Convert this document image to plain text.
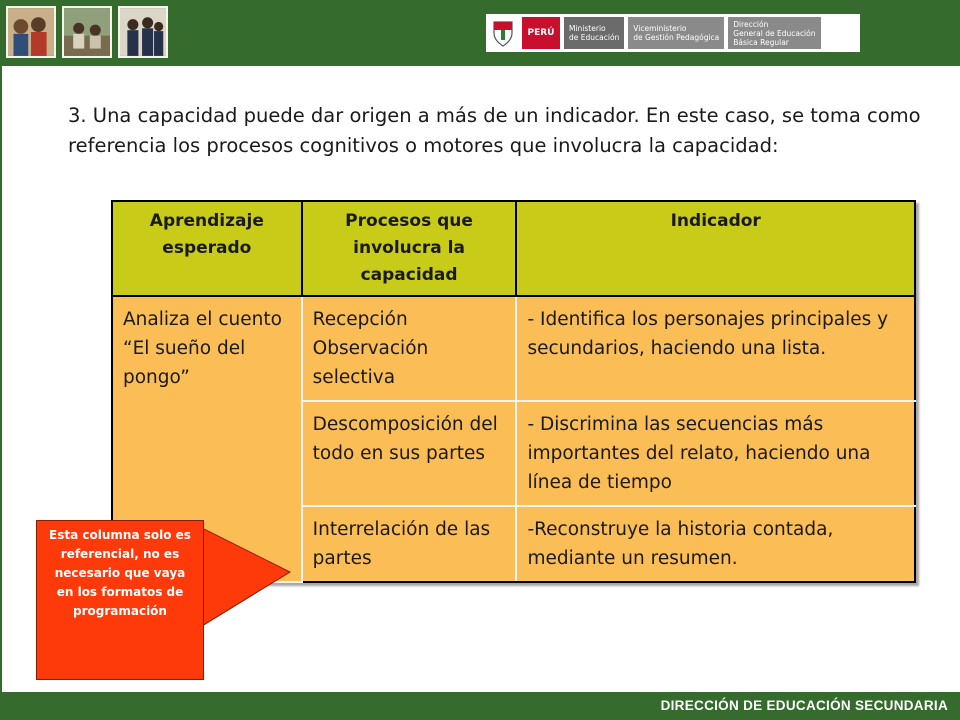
PERÚ	Ministerio
de Educación
Viceministerio
de Gestión Pedagógica
Dirección
General de Educación
Básica Regular

3. Una capacidad puede dar origen a más de un indicador. En este caso, se toma como referencia los procesos cognitivos o motores que involucra la capacidad:

Aprendizaje esperado	Procesos que involucra la capacidad	Indicador
Analiza el cuento “El sueño del pongo”	Recepción Observación selectiva	- Identifica los personajes principales y secundarios, haciendo una lista.
	Descomposición del todo en sus partes	- Discrimina las secuencias más importantes del relato, haciendo una línea de tiempo
	Interrelación de las partes	-Reconstruye la historia contada, mediante un resumen.

Esta columna solo es referencial, no es necesario que vaya en los formatos de programación

DIRECCIÓN DE EDUCACIÓN SECUNDARIA
